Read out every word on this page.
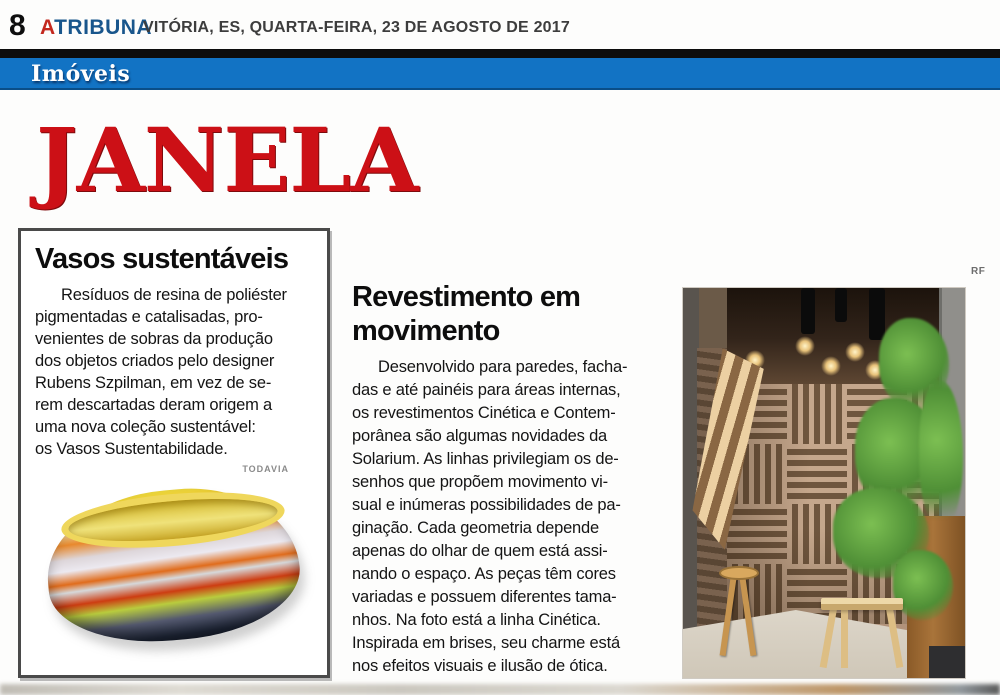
8 ATRIBUNA
VITÓRIA, ES, QUARTA-FEIRA, 23 DE AGOSTO DE 2017
Imóveis
JANELA
Vasos sustentáveis
Resíduos de resina de poliéster
pigmentadas e catalisadas, pro-
venientes de sobras da produção
dos objetos criados pelo designer
Rubens Szpilman, em vez de se-
rem descartadas deram origem a
uma nova coleção sustentável:
os Vasos Sustentabilidade.
TODAVIA
Revestimento em
movimento
Desenvolvido para paredes, facha-
das e até painéis para áreas internas,
os revestimentos Cinética e Contem-
porânea são algumas novidades da
Solarium. As linhas privilegiam os de-
senhos que propõem movimento vi-
sual e inúmeras possibilidades de pa-
ginação. Cada geometria depende
apenas do olhar de quem está assi-
nando o espaço. As peças têm cores
variadas e possuem diferentes tama-
nhos. Na foto está a linha Cinética.
Inspirada em brises, seu charme está
nos efeitos visuais e ilusão de ótica.
RF
